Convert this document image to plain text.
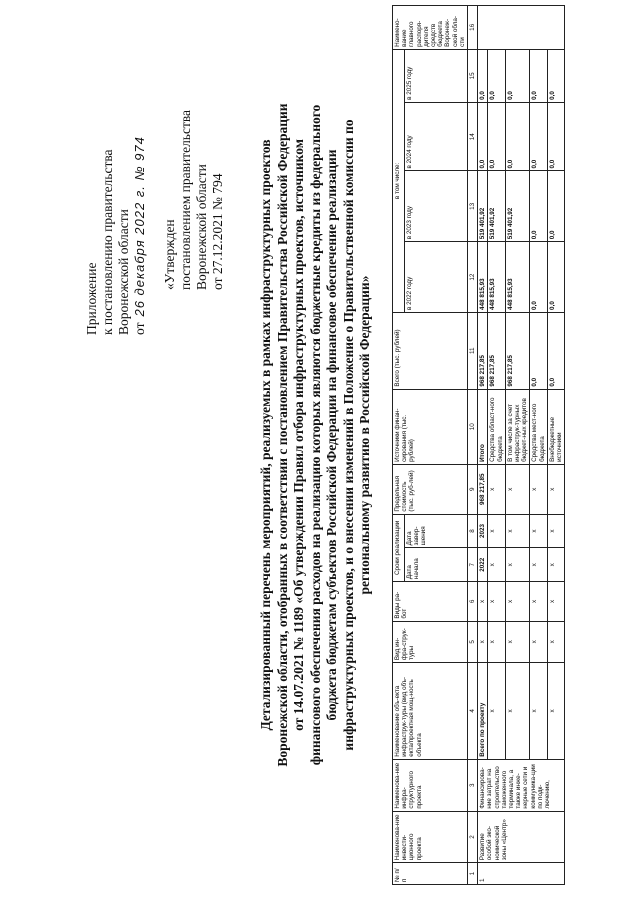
Приложение к постановлению правительства Воронежской области от
26 декабря 2022 г. № 974 «Утвержден постановлением правительства Воронежской области от 27.12.2021 № 794 Детализированный перечень мероприятий, реализуемых в рамках инфраструктурных проектов Воронежской области, отобранных в соответствии с постановлением Правительства Российской Федерации от 14.07.2021 № 1189 «Об утверждении Правил отбора инфраструктурных проектов, источником финансового обеспечения расходов на реализацию которых являются бюджетные кредиты из федерального бюджета бюджетам субъектов Российской Федерации на финансовое обеспечение реализации инфраструктурных проектов, и о внесении изменений в Положение о Правительственной комиссии по региональному развитию в Российской Федерации»
№ п/п	Наименова-ние инвести-ционного проекта	Наименова-ние инфра-структурного проекта	Наименование объ-екта инфраструк-туры (вид объ-екта/проектная мощ-ность объекта	Вид ин-фра-струк-туры	Виды ра-бот	Сроки реализации		Предельная стоимость (тыс. руб-лей)	Источники финан-сирования (тыс. рублей)	Всего (тыс. рублей)	в том числе:				Наимено-вание главного распоря-дителя средств бюджета Воронеж-ской обла-сти
						Дата начала	Дата завер-шения				в 2022 году	в 2023 году	в 2024 году	в 2025 году	

1	2	3	4	5	6	7	8	9	10	11	12	13	14	15	16
1	Развитие особой эко-номической зоны «Центр»	Финансирова-ние затрат на строительство таможенного терминала, а также инже-нерные сети и коммуника-ции по подк-лючению,	Всего по проекту	х	х	2022	2023	968 217,85	Итого	968 217,85	448 815,93	519 401,92	0,0	0,0	
			х	х	х	х	х	х	Средства област-ного бюджета	968 217,85	448 815,93	519 401,92	0,0	0,0	
			х	х	х	х	х	х	В том числе за счет инфраструк-турных бюджет-ных кредитов	968 217,85	448 815,93	519 401,92	0,0	0,0	
			х	х	х	х	х	х	Средства мест-ного бюджета	0,0	0,0	0,0	0,0	0,0	
			х	х	х	х	х	х	Внебюджетные источники	0,0	0,0	0,0	0,0	0,0	
